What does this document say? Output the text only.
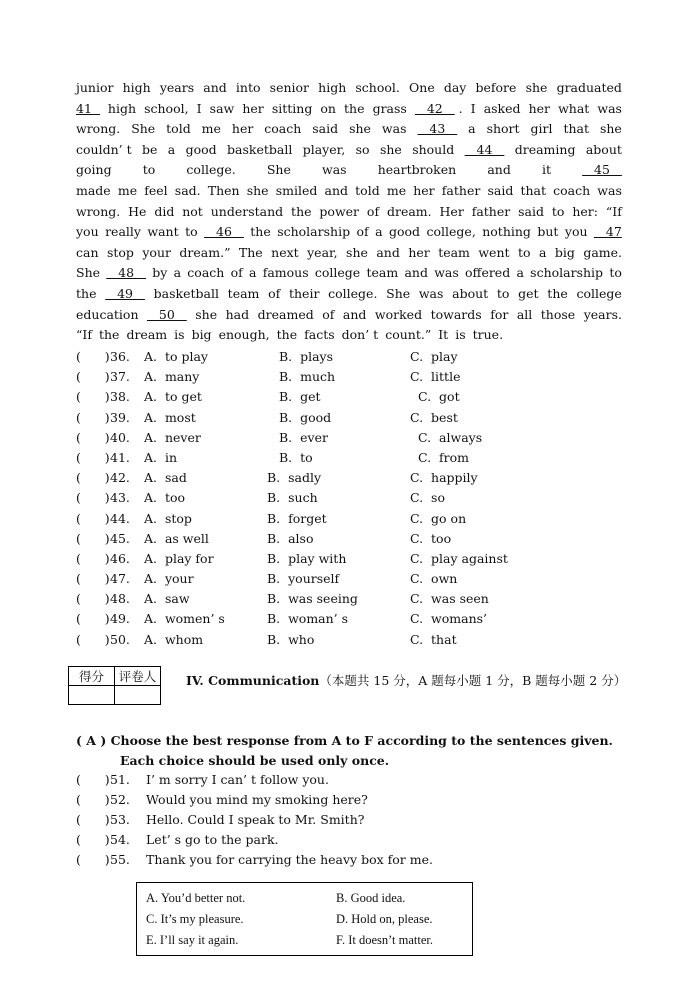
junior high years and into senior high school. One day before she graduated
41 high school, I saw her sitting on the grass 42    . I asked her what was
wrong. She told me her coach said she was 43 a short girl that she
couldn’ t be a good basketball player, so she should 44 dreaming about
going to college. She was heartbroken and it 45
made me feel sad. Then she smiled and told me her father said that coach was
wrong. He did not understand the power of dream. Her father said to her: “If
you really want to 46 the scholarship of a good college, nothing but you 47
can stop your dream.” The next year, she and her team went to a big game.
She 48 by a coach of a famous college team and was offered a scholarship to
the 49 basketball team of their college. She was about to get the college
education 50 she had dreamed of and worked towards for all those years.
“If the dream is big enough, the facts don’ t count.” It is true.
(      ) 36. A.  to play	B.  plays	C.  play
(      ) 37. A.  many	B.  much	C.  little
(      ) 38. A.  to get	B.  get	C.  got
(      ) 39. A.  most	B.  good	C.  best
(      ) 40. A.  never	B.  ever	C.  always
(      ) 41. A.  in	B.  to	C.  from
(      ) 42. A.  sad	B.  sadly	C.  happily
(      ) 43. A.  too	B.  such	C.  so
(      ) 44. A.  stop	B.  forget	C.  go on
(      ) 45. A.  as well	B.  also	C.  too
(      ) 46. A.  play for	B.  play with	C.  play against
(      ) 47. A.  your	B.  yourself	C.  own
(      ) 48. A.  saw	B.  was seeing	C.  was seen
(      ) 49. A.  women’ s	B.  woman’ s	C.  womans’
(      ) 50. A.  whom	B.  who	C.  that
得分	评卷人
	IV. Communication（本题共 15 分，A 题每小题 1 分，B 题每小题 2 分）
( A ) Choose the best response from A to F according to the sentences given.
Each choice should be used only once.
(      ) 51. I’ m sorry I can’ t follow you.
(      ) 52. Would you mind my smoking here?
(      ) 53. Hello. Could I speak to Mr. Smith?
(      ) 54. Let’ s go to the park.
(      ) 55. Thank you for carrying the heavy box for me.
A. You’d better not.	B. Good idea.
C. It’s my pleasure.	D. Hold on, please.
E. I’ll say it again.	F. It doesn’t matter.
